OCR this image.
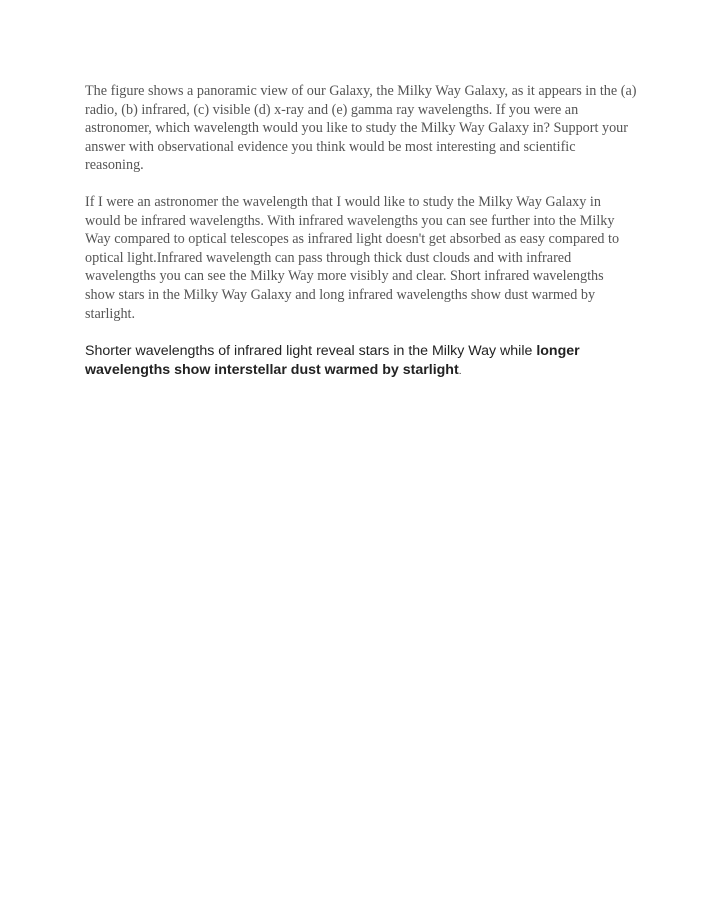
The figure shows a panoramic view of our Galaxy, the Milky Way Galaxy, as it appears in the (a) radio, (b) infrared, (c) visible (d) x-ray and (e) gamma ray wavelengths. If you were an astronomer, which wavelength would you like to study the Milky Way Galaxy in? Support your answer with observational evidence you think would be most interesting and scientific reasoning.

If I were an astronomer the wavelength that I would like to study the Milky Way Galaxy in would be infrared wavelengths. With infrared wavelengths you can see further into the Milky Way compared to optical telescopes as infrared light doesn't get absorbed as easy compared to optical light.Infrared wavelength can pass through thick dust clouds and with infrared wavelengths you can see the Milky Way more visibly and clear. Short infrared wavelengths show stars in the Milky Way Galaxy and long infrared wavelengths show dust warmed by starlight.

Shorter wavelengths of infrared light reveal stars in the Milky Way while longer wavelengths show interstellar dust warmed by starlight.
